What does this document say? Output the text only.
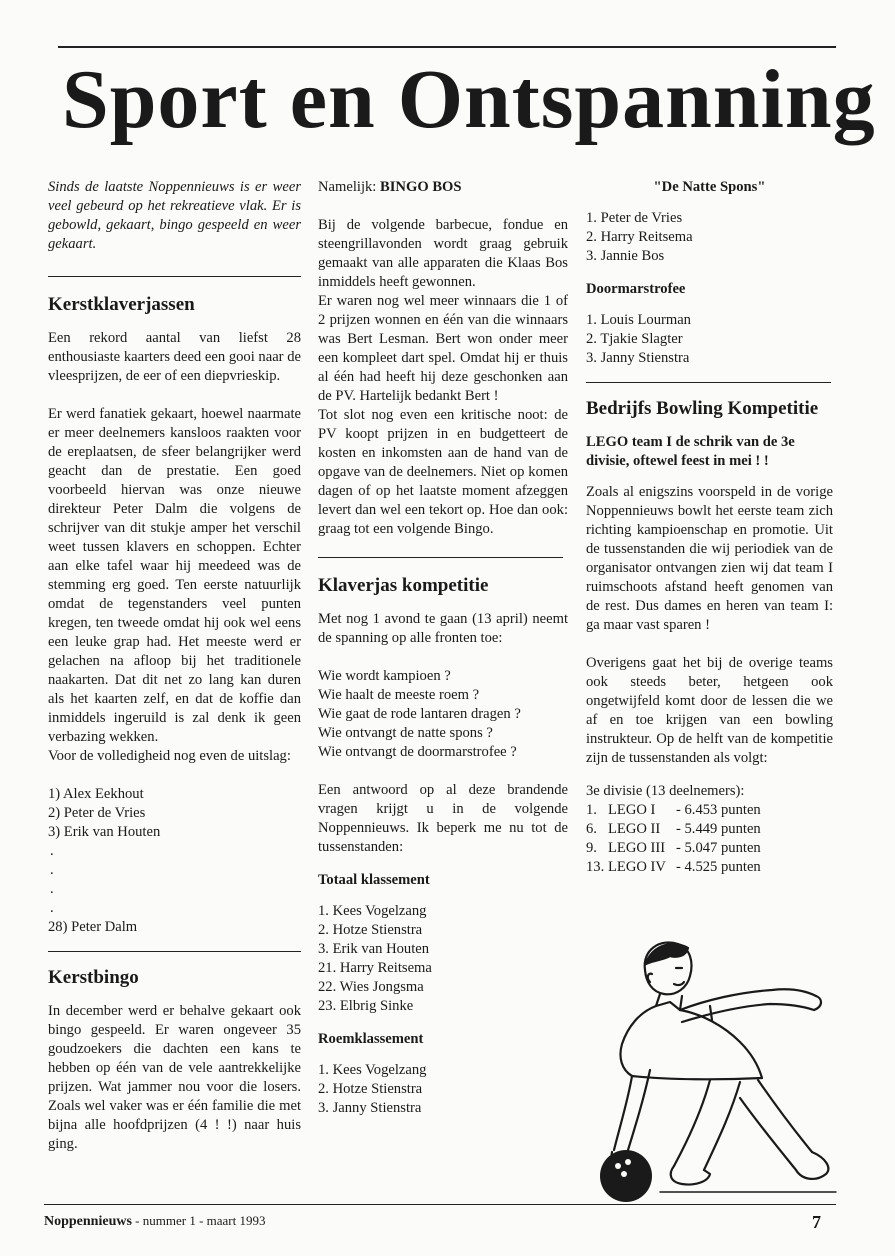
Sport en Ontspanning

Sinds de laatste Noppennieuws is er weer veel gebeurd op het rekreatieve vlak. Er is gebowld, gekaart, bingo gespeeld en weer gekaart.

Kerstklaverjassen

Een rekord aantal van liefst 28 enthousiaste kaarters deed een gooi naar de vleesprijzen, de eer of een diepvrieskip.

Er werd fanatiek gekaart, hoewel naarmate er meer deelnemers kansloos raakten voor de ereplaatsen, de sfeer belangrijker werd geacht dan de prestatie. Een goed voorbeeld hiervan was onze nieuwe direkteur Peter Dalm die volgens de schrijver van dit stukje amper het verschil weet tussen klavers en schoppen. Echter aan elke tafel waar hij meedeed was de stemming erg goed. Ten eerste natuurlijk omdat de tegenstanders veel punten kregen, ten tweede omdat hij ook wel eens een leuke grap had. Het meeste werd er gelachen na afloop bij het traditionele naakarten. Dat dit net zo lang kan duren als het kaarten zelf, en dat de koffie dan inmiddels ingeruild is zal denk ik geen verbazing wekken.

Voor de volledigheid nog even de uitslag:

1) Alex Eekhout
2) Peter de Vries
3) Erik van Houten
.
.
.
.
28) Peter Dalm
Kerstbingo

In december werd er behalve gekaart ook bingo gespeeld. Er waren ongeveer 35 goudzoekers die dachten een kans te hebben op één van de vele aantrekkelijke prijzen. Wat jammer nou voor die losers. Zoals wel vaker was er één familie die met bijna alle hoofdprijzen (4 ! !) naar huis ging.

Namelijk: BINGO BOS

Bij de volgende barbecue, fondue en steengrillavonden wordt graag gebruik gemaakt van alle apparaten die Klaas Bos inmiddels heeft gewonnen.

Er waren nog wel meer winnaars die 1 of 2 prijzen wonnen en één van die winnaars was Bert Lesman. Bert won onder meer een kompleet dart spel. Omdat hij er thuis al één had heeft hij deze geschonken aan de PV. Hartelijk bedankt Bert !

Tot slot nog even een kritische noot: de PV koopt prijzen in en budgetteert de kosten en inkomsten aan de hand van de opgave van de deelnemers. Niet op komen dagen of op het laatste moment afzeggen levert dan wel een tekort op. Hoe dan ook: graag tot een volgende Bingo.

Klaverjas kompetitie

Met nog 1 avond te gaan (13 april) neemt de spanning op alle fronten toe:

Wie wordt kampioen ?
Wie haalt de meeste roem ?
Wie gaat de rode lantaren dragen ?
Wie ontvangt de natte spons ?
Wie ontvangt de doormarstrofee ?

Een antwoord op al deze brandende vragen krijgt u in de volgende Noppennieuws. Ik beperk me nu tot de tussenstanden:

Totaal klassement
1. Kees Vogelzang
2. Hotze Stienstra
3. Erik van Houten
21. Harry Reitsema
22. Wies Jongsma
23. Elbrig Sinke
Roemklassement
1. Kees Vogelzang
2. Hotze Stienstra
3. Janny Stienstra
"De Natte Spons"
1. Peter de Vries
2. Harry Reitsema
3. Jannie Bos
Doormarstrofee
1. Louis Lourman
2. Tjakie Slagter
3. Janny Stienstra
Bedrijfs Bowling Kompetitie
LEGO team I de schrik van de 3e divisie, oftewel feest in mei ! !

Zoals al enigszins voorspeld in de vorige Noppennieuws bowlt het eerste team zich richting kampioenschap en promotie. Uit de tussenstanden die wij periodiek van de organisator ontvangen zien wij dat team I ruimschoots afstand heeft genomen van de rest. Dus dames en heren van team I: ga maar vast sparen !

Overigens gaat het bij de overige teams ook steeds beter, hetgeen ook ongetwijfeld komt door de lessen die we af en toe krijgen van een bowling instrukteur. Op de helft van de kompetitie zijn de tussenstanden als volgt:

3e divisie (13 deelnemers):
1. LEGO I	- 6.453 punten
6. LEGO II	- 5.449 punten
9. LEGO III - 5.047 punten
13. LEGO IV - 4.525 punten
Noppennieuws - nummer 1 - maart 1993	7
